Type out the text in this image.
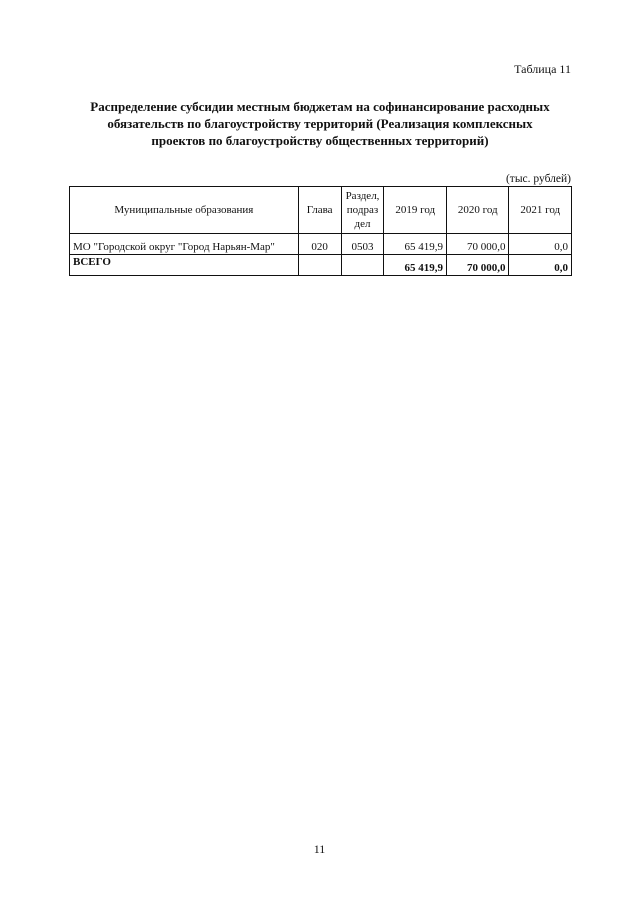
Таблица 11
Распределение субсидии местным бюджетам на софинансирование расходных
обязательств по благоустройству территорий (Реализация комплексных
проектов по благоустройству общественных территорий)
(тыс. рублей)
Муниципальные образования	Глава	Раздел,
подраз
дел	2019 год	2020 год	2021 год
МО "Городской округ "Город Нарьян-Мар"	020	0503	65 419,9	70 000,0	0,0
ВСЕГО			65 419,9	70 000,0	0,0
11
